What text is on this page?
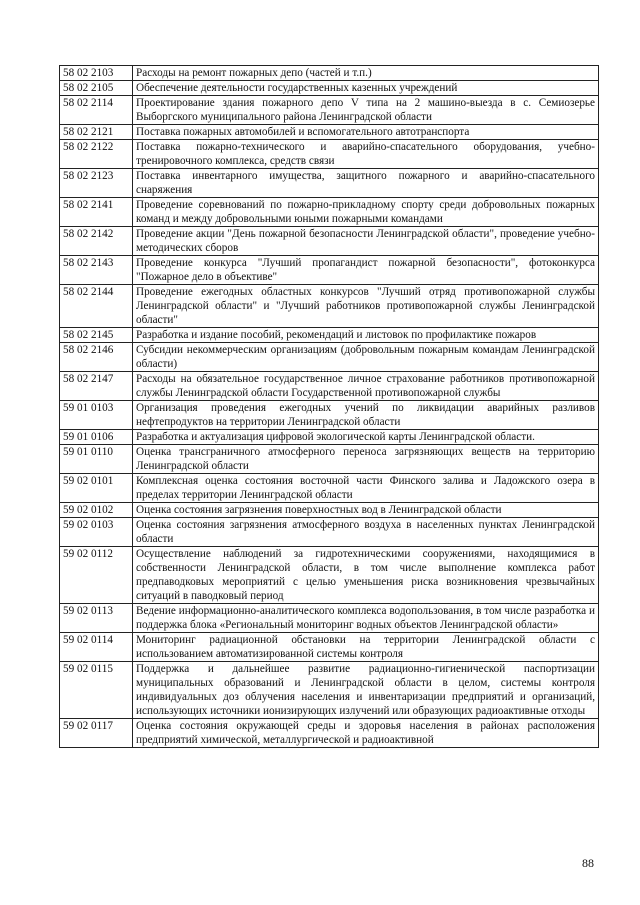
58 02 2103	Расходы на ремонт пожарных депо (частей и т.п.)
58 02 2105	Обеспечение деятельности государственных казенных учреждений
58 02 2114	Проектирование здания пожарного депо V типа на 2 машино-выезда в с. Семиозерье Выборгского муниципального района Ленинградской области
58 02 2121	Поставка пожарных автомобилей и вспомогательного автотранспорта
58 02 2122	Поставка пожарно-технического и аварийно-спасательного оборудования, учебно-тренировочного комплекса, средств связи
58 02 2123	Поставка инвентарного имущества, защитного пожарного и аварийно-спасательного снаряжения
58 02 2141	Проведение соревнований по пожарно-прикладному спорту среди добровольных пожарных команд и между добровольными юными пожарными командами
58 02 2142	Проведение акции "День пожарной безопасности Ленинградской области", проведение учебно-методических сборов
58 02 2143	Проведение конкурса "Лучший пропагандист пожарной безопасности", фотоконкурса "Пожарное дело в объективе"
58 02 2144	Проведение ежегодных областных конкурсов "Лучший отряд противопожарной службы Ленинградской области" и "Лучший работников противопожарной службы Ленинградской области"
58 02 2145	Разработка и издание пособий, рекомендаций и листовок по профилактике пожаров
58 02 2146	Субсидии некоммерческим организациям (добровольным пожарным командам Ленинградской области)
58 02 2147	Расходы на обязательное государственное личное страхование работников противопожарной службы Ленинградской области Государственной противопожарной службы
59 01 0103	Организация проведения ежегодных учений по ликвидации аварийных разливов нефтепродуктов на территории Ленинградской области
59 01 0106	Разработка и актуализация цифровой экологической карты Ленинградской области.
59 01 0110	Оценка трансграничного атмосферного переноса загрязняющих веществ на территорию Ленинградской области
59 02 0101	Комплексная оценка состояния восточной части Финского залива и Ладожского озера в пределах территории Ленинградской области
59 02 0102	Оценка состояния загрязнения поверхностных вод в Ленинградской области
59 02 0103	Оценка состояния загрязнения атмосферного воздуха в населенных пунктах Ленинградской области
59 02 0112	Осуществление наблюдений за гидротехническими сооружениями, находящимися в собственности Ленинградской области, в том числе выполнение комплекса работ предпаводковых мероприятий с целью уменьшения риска возникновения чрезвычайных ситуаций в паводковый период
59 02 0113	Ведение информационно-аналитического комплекса водопользования, в том числе разработка и поддержка блока «Региональный мониторинг водных объектов Ленинградской области»
59 02 0114	Мониторинг радиационной обстановки на территории Ленинградской области с использованием автоматизированной системы контроля
59 02 0115	Поддержка и дальнейшее развитие радиационно-гигиенической паспортизации муниципальных образований и Ленинградской области в целом, системы контроля индивидуальных доз облучения населения и инвентаризации предприятий и организаций, использующих источники ионизирующих излучений или образующих радиоактивные отходы
59 02 0117	Оценка состояния окружающей среды и здоровья населения в районах расположения предприятий химической, металлургической и радиоактивной
88
